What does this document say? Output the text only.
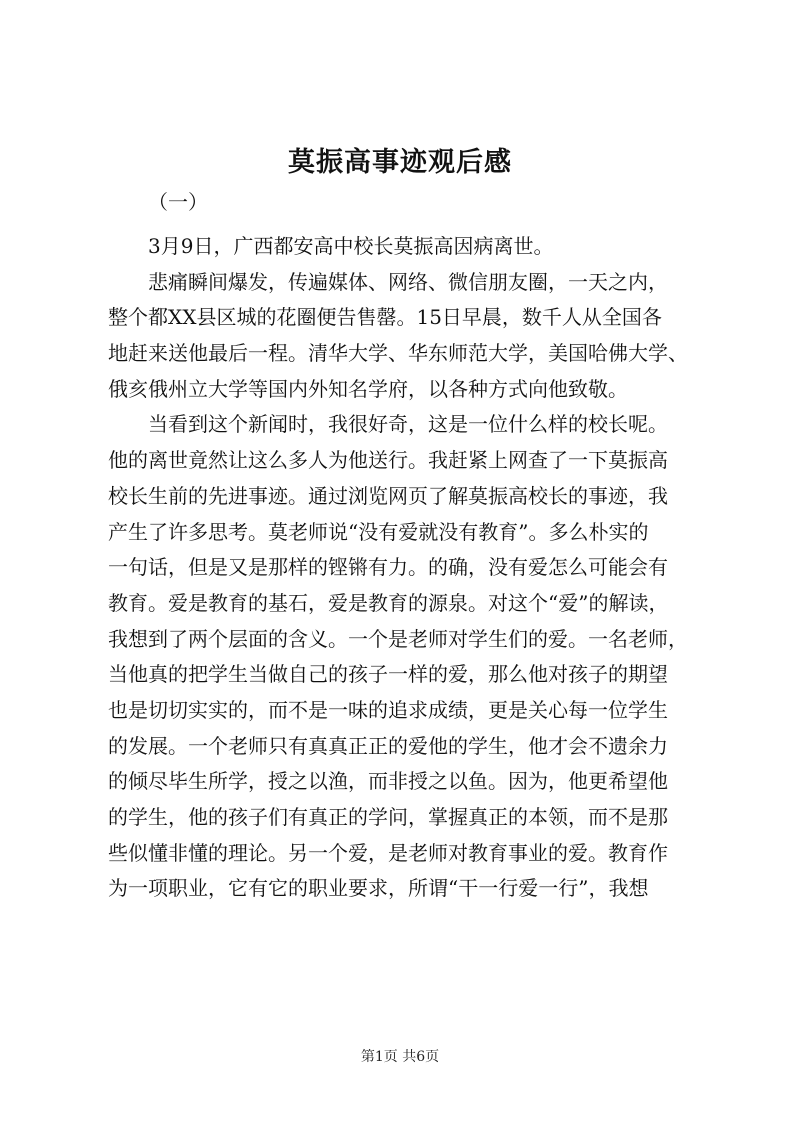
莫振高事迹观后感
（一）
3月9日，广西都安高中校长莫振高因病离世。
悲痛瞬间爆发，传遍媒体、网络、微信朋友圈，一天之内，
整个都XX县区城的花圈便告售罄。15日早晨，数千人从全国各
地赶来送他最后一程。清华大学、华东师范大学，美国哈佛大学、
俄亥俄州立大学等国内外知名学府，以各种方式向他致敬。
当看到这个新闻时，我很好奇，这是一位什么样的校长呢。
他的离世竟然让这么多人为他送行。我赶紧上网查了一下莫振高
校长生前的先进事迹。通过浏览网页了解莫振高校长的事迹，我
产生了许多思考。莫老师说“没有爱就没有教育”。多么朴实的
一句话，但是又是那样的铿锵有力。的确，没有爱怎么可能会有
教育。爱是教育的基石，爱是教育的源泉。对这个“爱”的解读，
我想到了两个层面的含义。一个是老师对学生们的爱。一名老师，
当他真的把学生当做自己的孩子一样的爱，那么他对孩子的期望
也是切切实实的，而不是一味的追求成绩，更是关心每一位学生
的发展。一个老师只有真真正正的爱他的学生，他才会不遗余力
的倾尽毕生所学，授之以渔，而非授之以鱼。因为，他更希望他
的学生，他的孩子们有真正的学问，掌握真正的本领，而不是那
些似懂非懂的理论。另一个爱，是老师对教育事业的爱。教育作
为一项职业，它有它的职业要求，所谓“干一行爱一行”，我想
第1页 共6页
